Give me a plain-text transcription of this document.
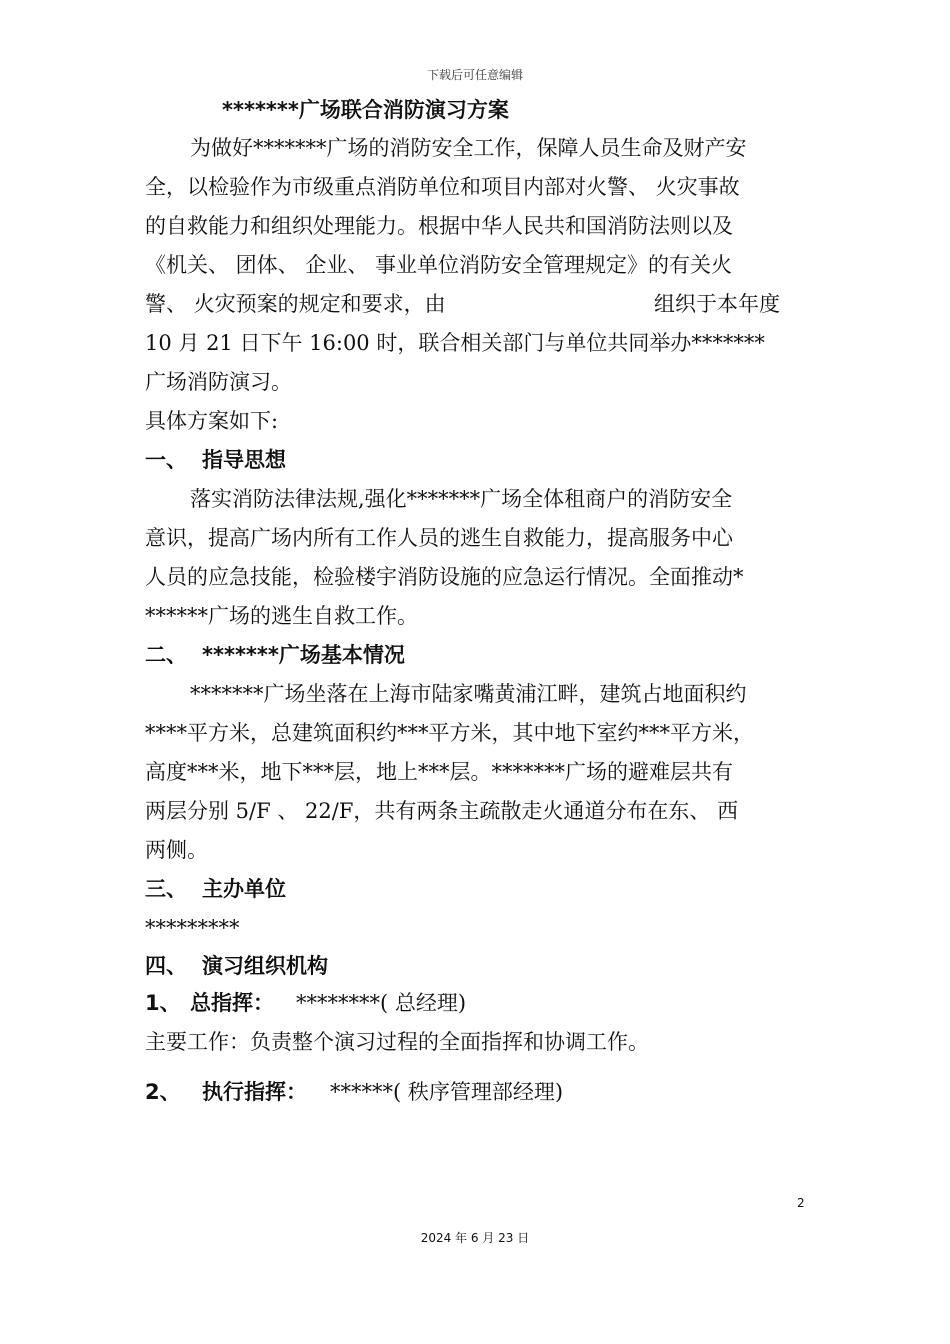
下载后可任意编辑
*******广场联合消防演习方案
为做好*******广场的消防安全工作，保障人员生命及财产安
全，以检验作为市级重点消防单位和项目内部对火警、 火灾事故
的自救能力和组织处理能力。根据中华人民共和国消防法则以及
《机关、 团体、 企业、 事业单位消防安全管理规定》的有关火
警、 火灾预案的规定和要求，由	组织于本年度
10 月 21 日下午 16:00 时，联合相关部门与单位共同举办*******
广场消防演习。
具体方案如下:
一、 指导思想
落实消防法律法规,强化*******广场全体租商户的消防安全
意识，提高广场内所有工作人员的逃生自救能力，提高服务中心
人员的应急技能，检验楼宇消防设施的应急运行情况。全面推动*
******广场的逃生自救工作。
二、 *******广场基本情况
*******广场坐落在上海市陆家嘴黄浦江畔，建筑占地面积约
****平方米，总建筑面积约***平方米，其中地下室约***平方米，
高度***米，地下***层，地上***层。*******广场的避难层共有
两层分别 5/F 、 22/F，共有两条主疏散走火通道分布在东、 西
两侧。
三、 主办单位
*********
四、 演习组织机构
1、 总指挥： ********( 总经理)
主要工作：负责整个演习过程的全面指挥和协调工作。
2、 执行指挥： ******( 秩序管理部经理)
2
2024 年 6 月 23 日
